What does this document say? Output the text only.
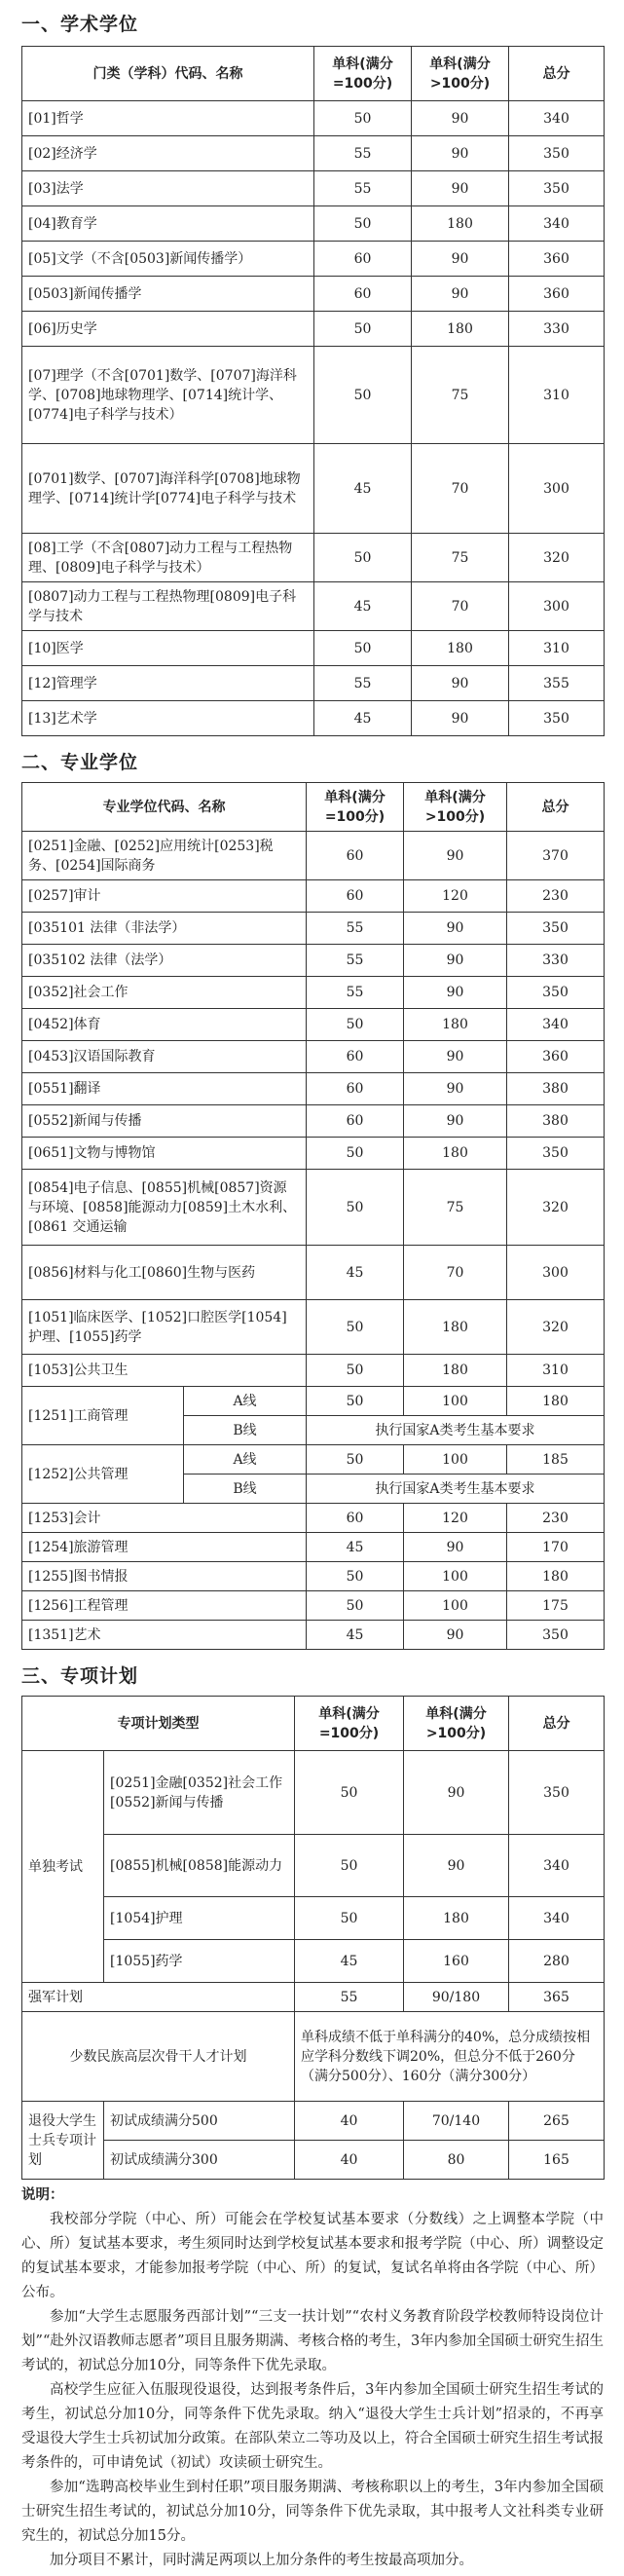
一、学术学位
门类（学科）代码、名称	单科(满分=100分)	单科(满分>100分)	总分
[01]哲学	50	90	340
[02]经济学	55	90	350
[03]法学	55	90	350
[04]教育学	50	180	340
[05]文学（不含[0503]新闻传播学）	60	90	360
[0503]新闻传播学	60	90	360
[06]历史学	50	180	330
[07]理学（不含[0701]数学、[0707]海洋科学、[0708]地球物理学、[0714]统计学、[0774]电子科学与技术）	50	75	310
[0701]数学、[0707]海洋科学[0708]地球物理学、[0714]统计学[0774]电子科学与技术	45	70	300
[08]工学（不含[0807]动力工程与工程热物理、[0809]电子科学与技术）	50	75	320
[0807]动力工程与工程热物理[0809]电子科学与技术	45	70	300
[10]医学	50	180	310
[12]管理学	55	90	355
[13]艺术学	45	90	350
二、专业学位
专业学位代码、名称		单科(满分=100分)	单科(满分>100分)	总分
[0251]金融、[0252]应用统计[0253]税务、[0254]国际商务		60	90	370
[0257]审计		60	120	230
[035101 法律（非法学）		55	90	350
[035102 法律（法学）		55	90	330
[0352]社会工作		55	90	350
[0452]体育		50	180	340
[0453]汉语国际教育		60	90	360
[0551]翻译		60	90	380
[0552]新闻与传播		60	90	380
[0651]文物与博物馆		50	180	350
[0854]电子信息、[0855]机械[0857]资源与环境、[0858]能源动力[0859]土木水利、[0861 交通运输		50	75	320
[0856]材料与化工[0860]生物与医药		45	70	300
[1051]临床医学、[1052]口腔医学[1054]护理、[1055]药学		50	180	320
[1053]公共卫生		50	180	310
[1251]工商管理	A线	50	100	180
	B线	执行国家A类考生基本要求		
[1252]公共管理	A线	50	100	185
	B线	执行国家A类考生基本要求		
[1253]会计		60	120	230
[1254]旅游管理		45	90	170
[1255]图书情报		50	100	180
[1256]工程管理		50	100	175
[1351]艺术		45	90	350
三、专项计划
专项计划类型		单科(满分=100分)	单科(满分>100分)	总分
单独考试	[0251]金融[0352]社会工作[0552]新闻与传播	50	90	350
	[0855]机械[0858]能源动力	50	90	340
	[1054]护理	50	180	340
	[1055]药学	45	160	280
强军计划		55	90/180	365
少数民族高层次骨干人才计划		单科成绩不低于单科满分的40%，总分成绩按相应学科分数线下调20%，但总分不低于260分（满分500分）、160分（满分300分）		
退役大学生士兵专项计划	初试成绩满分500	40	70/140	265
	初试成绩满分300	40	80	165
说明：

我校部分学院（中心、所）可能会在学校复试基本要求（分数线）之上调整本学院（中心、所）复试基本要求，考生须同时达到学校复试基本要求和报考学院（中心、所）调整设定的复试基本要求，才能参加报考学院（中心、所）的复试，复试名单将由各学院（中心、所）公布。

参加“大学生志愿服务西部计划”“三支一扶计划”“农村义务教育阶段学校教师特设岗位计划”“赴外汉语教师志愿者”项目且服务期满、考核合格的考生，3年内参加全国硕士研究生招生考试的，初试总分加10分，同等条件下优先录取。

高校学生应征入伍服现役退役，达到报考条件后，3年内参加全国硕士研究生招生考试的考生，初试总分加10分，同等条件下优先录取。纳入“退役大学生士兵计划”招录的，不再享受退役大学生士兵初试加分政策。在部队荣立二等功及以上，符合全国硕士研究生招生考试报考条件的，可申请免试（初试）攻读硕士研究生。

参加“选聘高校毕业生到村任职”项目服务期满、考核称职以上的考生，3年内参加全国硕士研究生招生考试的，初试总分加10分，同等条件下优先录取，其中报考人文社科类专业研究生的，初试总分加15分。

加分项目不累计，同时满足两项以上加分条件的考生按最高项加分。
